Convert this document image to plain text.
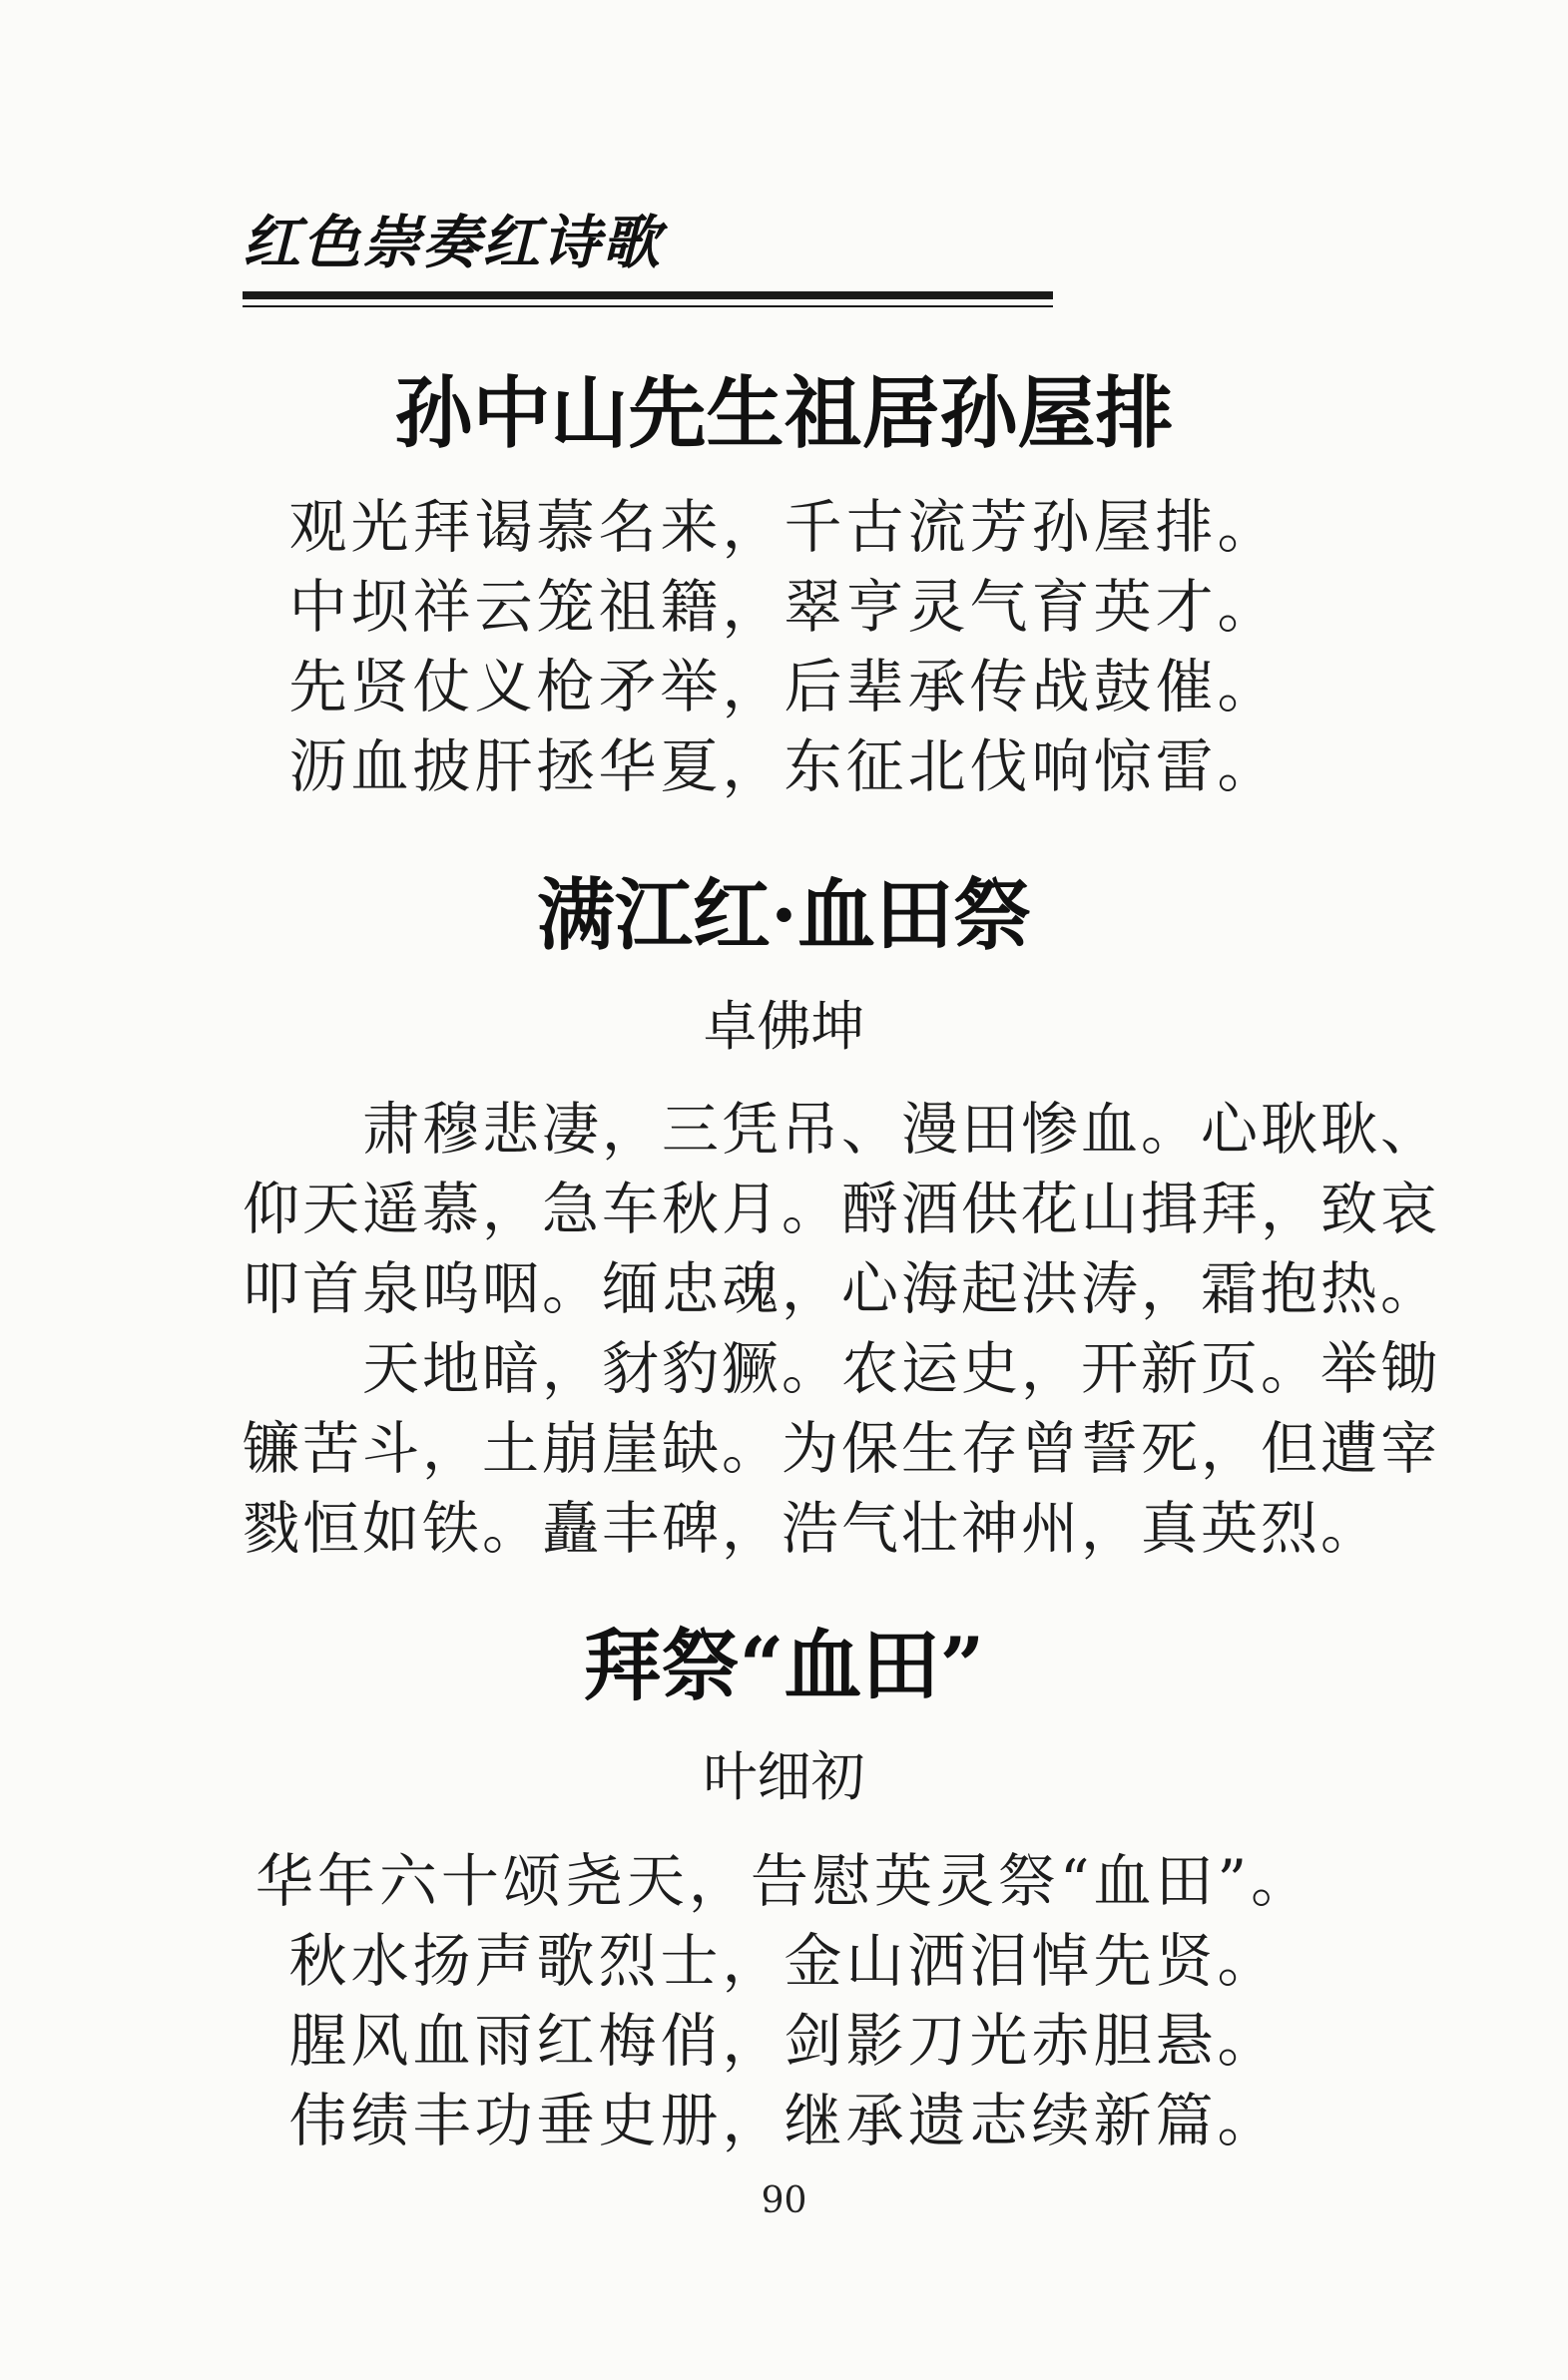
红色崇奏红诗歌
孙中山先生祖居孙屋排
观光拜谒慕名来，千古流芳孙屋排。
中坝祥云笼祖籍，翠亨灵气育英才。
先贤仗义枪矛举，后辈承传战鼓催。
沥血披肝拯华夏，东征北伐响惊雷。
满江红·血田祭
卓佛坤
　　肃穆悲凄，三凭吊、漫田惨血。心耿耿、
仰天遥慕，急车秋月。酹酒供花山揖拜，致哀
叩首泉呜咽。缅忠魂，心海起洪涛，霜抱热。
　　天地暗，豺豹獗。农运史，开新页。举锄
镰苦斗，土崩崖缺。为保生存曾誓死，但遭宰
戮恒如铁。矗丰碑，浩气壮神州，真英烈。
拜祭“血田”
叶细初
华年六十颂尧天，告慰英灵祭“血田”。
秋水扬声歌烈士，金山洒泪悼先贤。
腥风血雨红梅俏，剑影刀光赤胆悬。
伟绩丰功垂史册，继承遗志续新篇。
90
